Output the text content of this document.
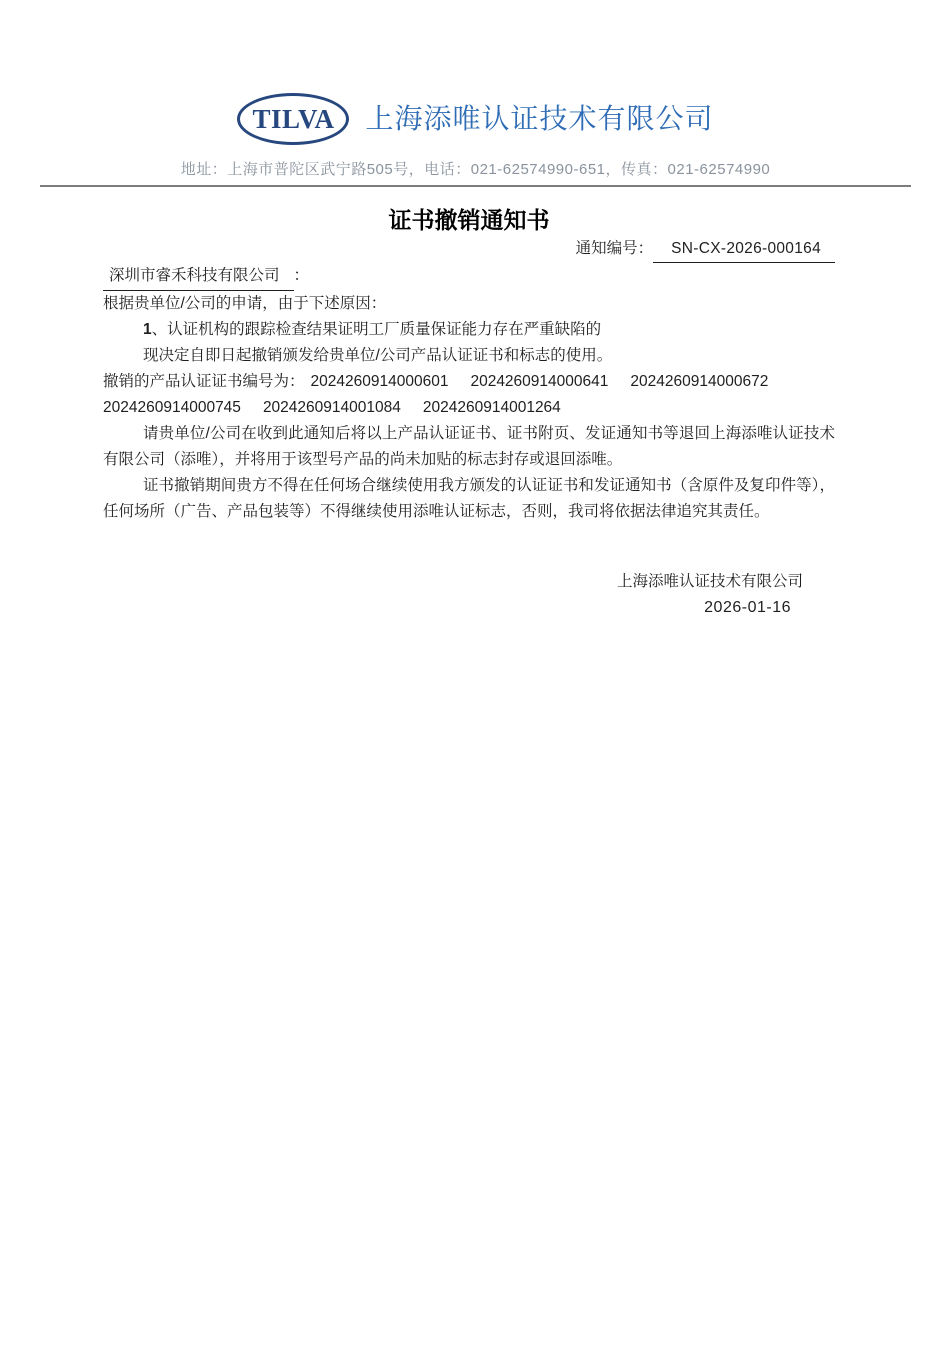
TILVA 上海添唯认证技术有限公司
地址：上海市普陀区武宁路505号，电话：021-62574990-651，传真：021-62574990
证书撤销通知书
通知编号： SN-CX-2026-000164
深圳市睿禾科技有限公司 ：
根据贵单位/公司的申请，由于下述原因：
1、认证机构的跟踪检查结果证明工厂质量保证能力存在严重缺陷的
现决定自即日起撤销颁发给贵单位/公司产品认证证书和标志的使用。
撤销的产品认证证书编号为： 2024260914000601 2024260914000641 2024260914000672
2024260914000745 2024260914001084 2024260914001264
请贵单位/公司在收到此通知后将以上产品认证证书、证书附页、发证通知书等退回上海添唯认证技术有限公司（添唯），并将用于该型号产品的尚未加贴的标志封存或退回添唯。
证书撤销期间贵方不得在任何场合继续使用我方颁发的认证证书和发证通知书（含原件及复印件等），任何场所（广告、产品包装等）不得继续使用添唯认证标志，否则，我司将依据法律追究其责任。
上海添唯认证技术有限公司
2026-01-16
